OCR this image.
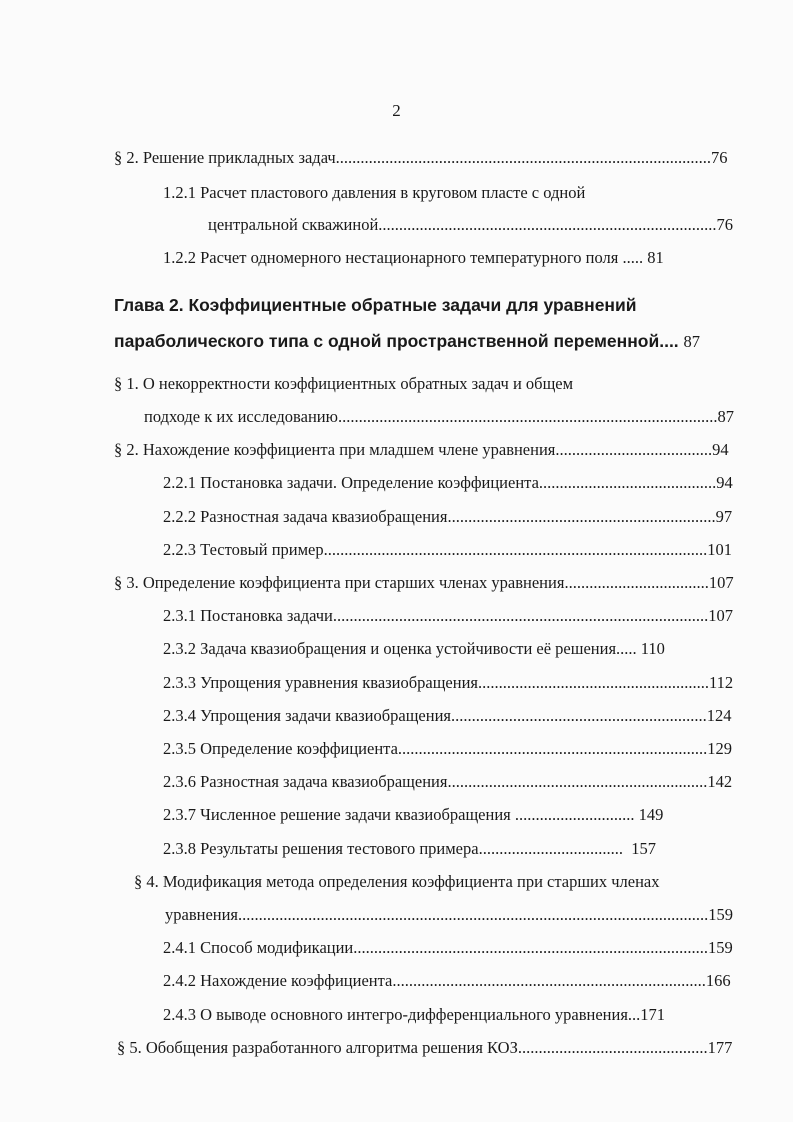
2
§ 2. Решение прикладных задач...........................................................................................76
1.2.1 Расчет пластового давления в круговом пласте с одной
центральной скважиной..................................................................................76
1.2.2 Расчет одномерного нестационарного температурного поля ..... 81
Глава 2. Коэффициентные обратные задачи для уравнений
параболического типа с одной пространственной переменной.... 87
§ 1. О некорректности коэффициентных обратных задач и общем
подходе к их исследованию............................................................................................87
§ 2. Нахождение коэффициента при младшем члене уравнения......................................94
2.2.1 Постановка задачи. Определение коэффициента...........................................94
2.2.2 Разностная задача квазиобращения.................................................................97
2.2.3 Тестовый пример.............................................................................................101
§ 3. Определение коэффициента при старших членах уравнения...................................107
2.3.1 Постановка задачи...........................................................................................107
2.3.2 Задача квазиобращения и оценка устойчивости её решения..... 110
2.3.3 Упрощения уравнения квазиобращения........................................................112
2.3.4 Упрощения задачи квазиобращения..............................................................124
2.3.5 Определение коэффициента...........................................................................129
2.3.6 Разностная задача квазиобращения...............................................................142
2.3.7 Численное решение задачи квазиобращения ............................. 149
2.3.8 Результаты решения тестового примера...................................  157
§ 4. Модификация метода определения коэффициента при старших членах
уравнения..................................................................................................................159
2.4.1 Способ модификации......................................................................................159
2.4.2 Нахождение коэффициента............................................................................166
2.4.3 О выводе основного интегро-дифференциального уравнения...171
§ 5. Обобщения разработанного алгоритма решения КОЗ..............................................177
